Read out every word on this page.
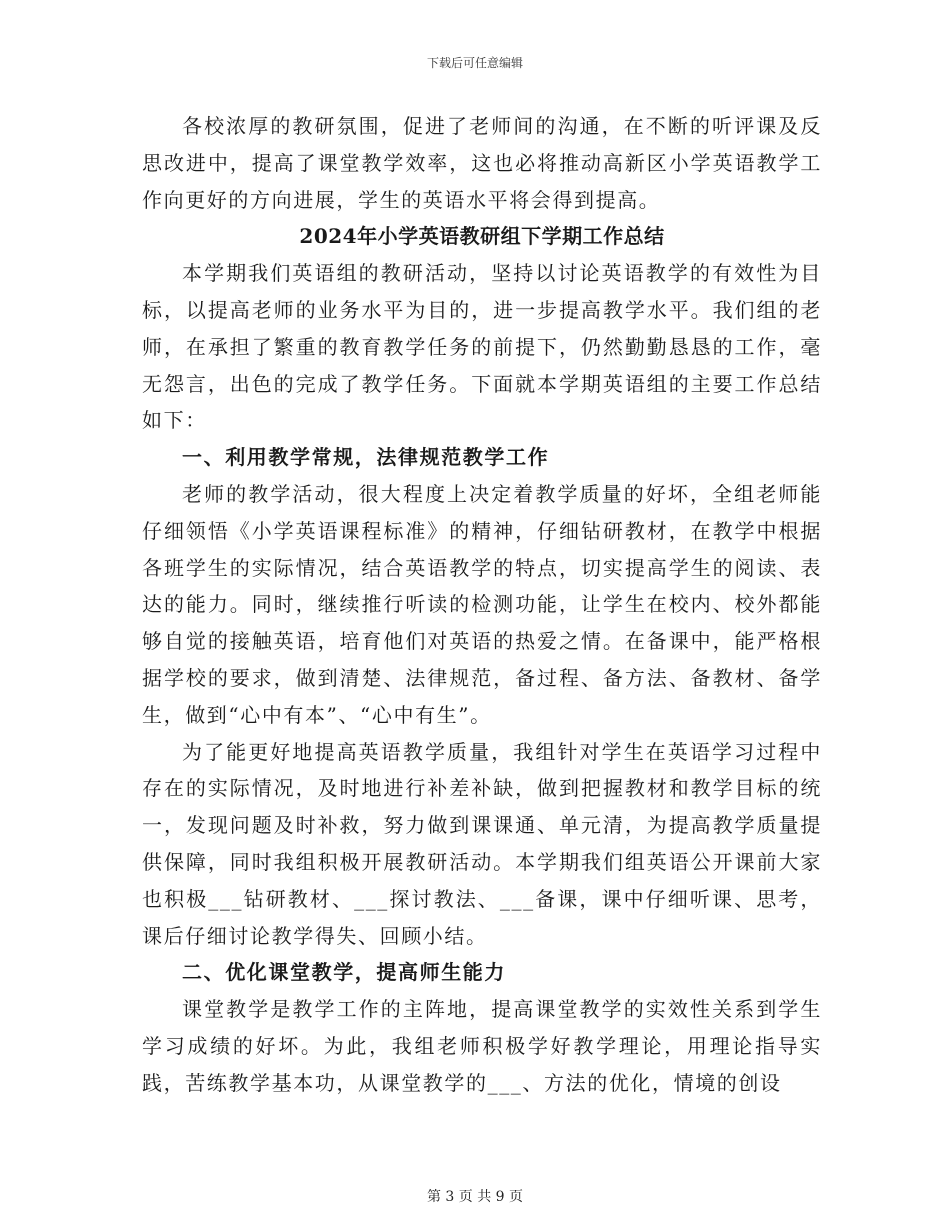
下载后可任意编辑

各校浓厚的教研氛围，促进了老师间的沟通，在不断的听评课及反思改进中，提高了课堂教学效率，这也必将推动高新区小学英语教学工作向更好的方向进展，学生的英语水平将会得到提高。

2024年小学英语教研组下学期工作总结

本学期我们英语组的教研活动，坚持以讨论英语教学的有效性为目标，以提高老师的业务水平为目的，进一步提高教学水平。我们组的老师，在承担了繁重的教育教学任务的前提下，仍然勤勤恳恳的工作，毫无怨言，出色的完成了教学任务。下面就本学期英语组的主要工作总结如下：

一、利用教学常规，法律规范教学工作

老师的教学活动，很大程度上决定着教学质量的好坏，全组老师能仔细领悟《小学英语课程标准》的精神，仔细钻研教材，在教学中根据各班学生的实际情况，结合英语教学的特点，切实提高学生的阅读、表达的能力。同时，继续推行听读的检测功能，让学生在校内、校外都能够自觉的接触英语，培育他们对英语的热爱之情。在备课中，能严格根据学校的要求，做到清楚、法律规范，备过程、备方法、备教材、备学生，做到“心中有本”、“心中有生”。

为了能更好地提高英语教学质量，我组针对学生在英语学习过程中存在的实际情况，及时地进行补差补缺，做到把握教材和教学目标的统一，发现问题及时补救，努力做到课课通、单元清，为提高教学质量提供保障，同时我组积极开展教研活动。本学期我们组英语公开课前大家也积极___钻研教材、___探讨教法、___备课，课中仔细听课、思考，课后仔细讨论教学得失、回顾小结。

二、优化课堂教学，提高师生能力

课堂教学是教学工作的主阵地，提高课堂教学的实效性关系到学生学习成绩的好坏。为此，我组老师积极学好教学理论，用理论指导实践，苦练教学基本功，从课堂教学的___、方法的优化，情境的创设

第 3 页 共 9 页
